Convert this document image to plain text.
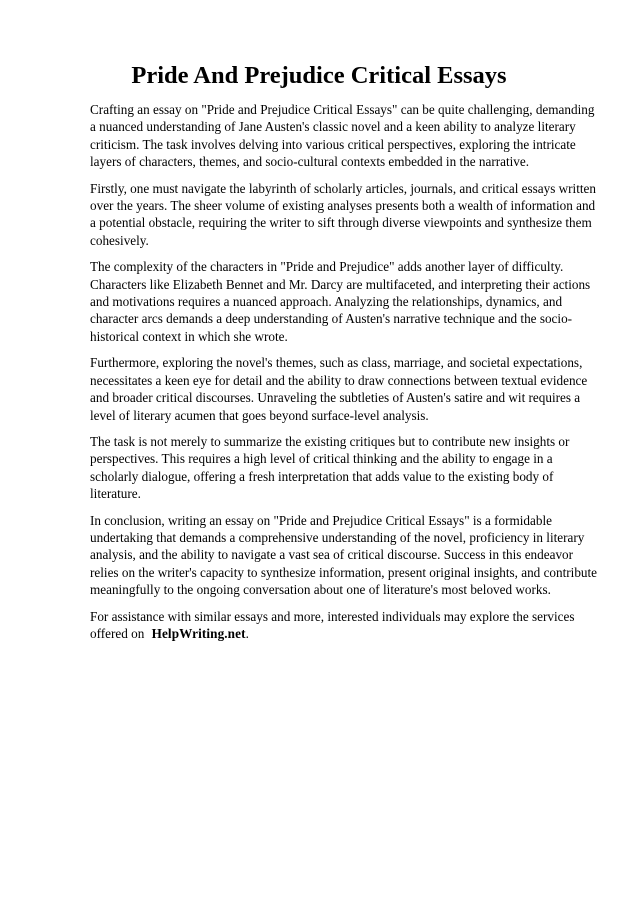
Pride And Prejudice Critical Essays

Crafting an essay on "Pride and Prejudice Critical Essays" can be quite challenging, demanding a nuanced understanding of Jane Austen's classic novel and a keen ability to analyze literary criticism. The task involves delving into various critical perspectives, exploring the intricate layers of characters, themes, and socio-cultural contexts embedded in the narrative.

Firstly, one must navigate the labyrinth of scholarly articles, journals, and critical essays written over the years. The sheer volume of existing analyses presents both a wealth of information and a potential obstacle, requiring the writer to sift through diverse viewpoints and synthesize them cohesively.

The complexity of the characters in "Pride and Prejudice" adds another layer of difficulty. Characters like Elizabeth Bennet and Mr. Darcy are multifaceted, and interpreting their actions and motivations requires a nuanced approach. Analyzing the relationships, dynamics, and character arcs demands a deep understanding of Austen's narrative technique and the socio-historical context in which she wrote.

Furthermore, exploring the novel's themes, such as class, marriage, and societal expectations, necessitates a keen eye for detail and the ability to draw connections between textual evidence and broader critical discourses. Unraveling the subtleties of Austen's satire and wit requires a level of literary acumen that goes beyond surface-level analysis.

The task is not merely to summarize the existing critiques but to contribute new insights or perspectives. This requires a high level of critical thinking and the ability to engage in a scholarly dialogue, offering a fresh interpretation that adds value to the existing body of literature.

In conclusion, writing an essay on "Pride and Prejudice Critical Essays" is a formidable undertaking that demands a comprehensive understanding of the novel, proficiency in literary analysis, and the ability to navigate a vast sea of critical discourse. Success in this endeavor relies on the writer's capacity to synthesize information, present original insights, and contribute meaningfully to the ongoing conversation about one of literature's most beloved works.

For assistance with similar essays and more, interested individuals may explore the services offered on HelpWriting.net.
